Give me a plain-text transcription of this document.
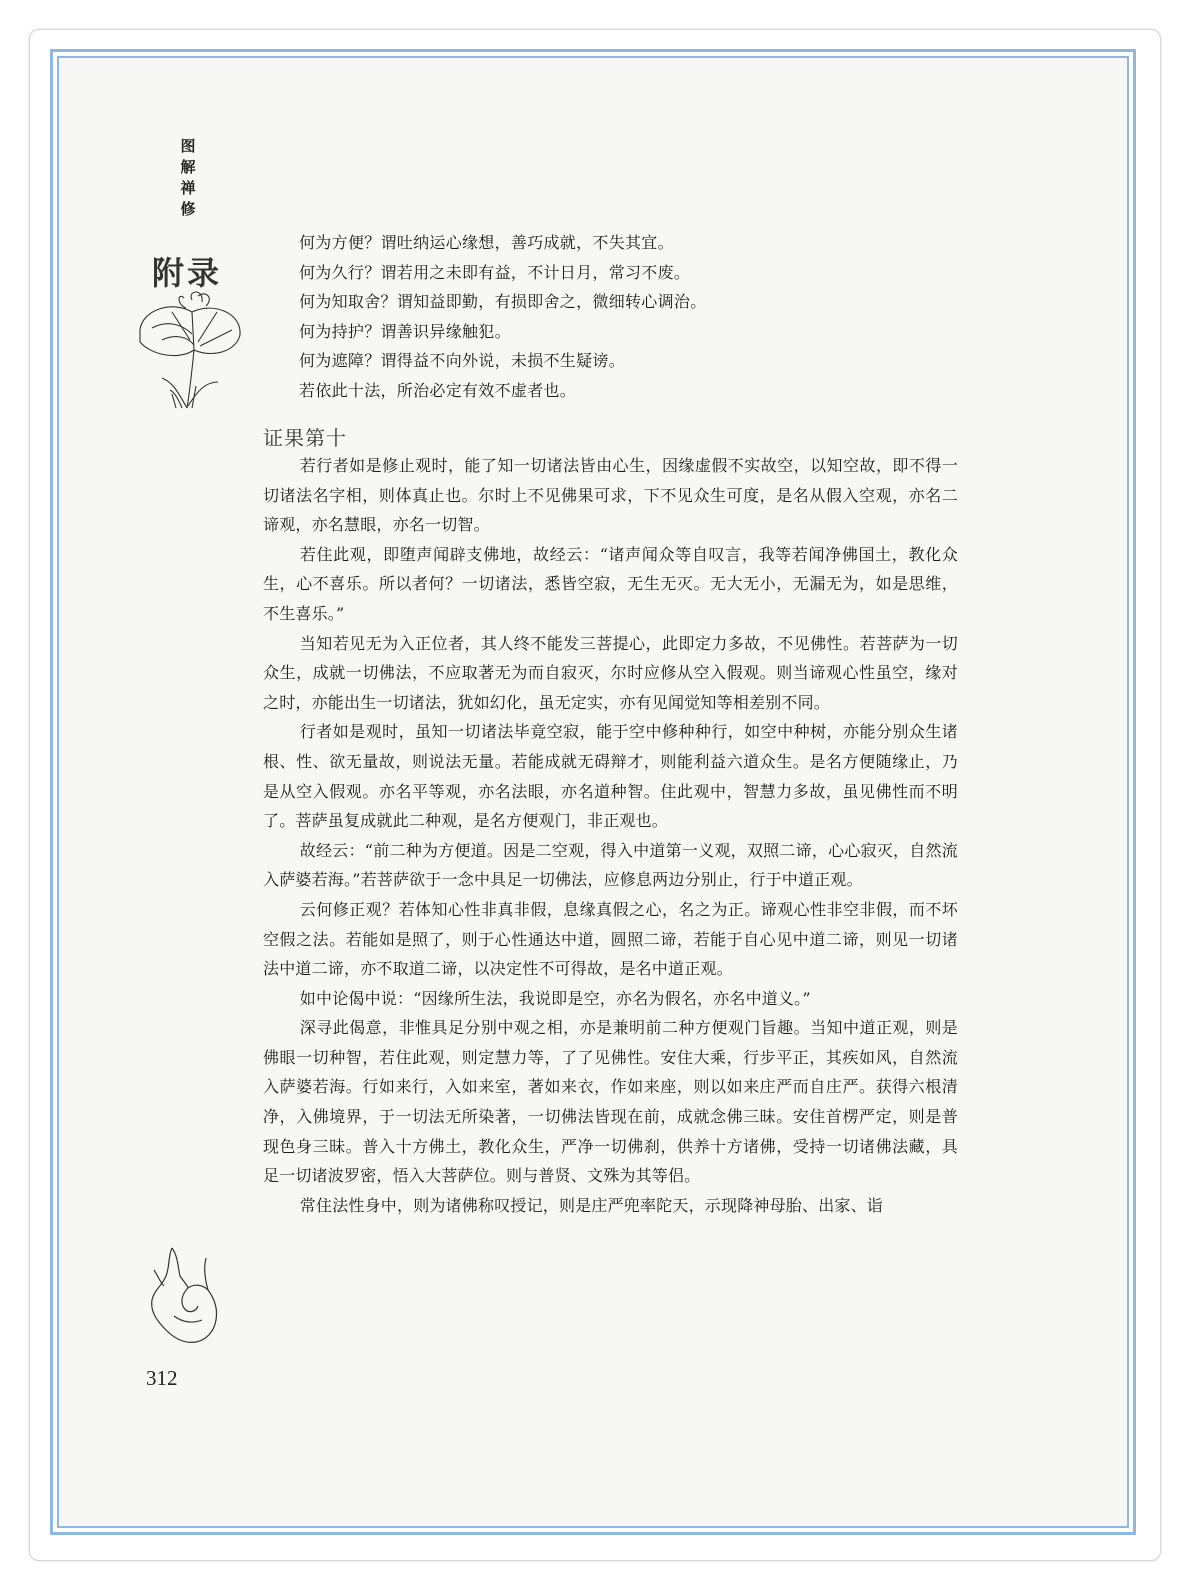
图
解
禅
修
附录
何为方便？谓吐纳运心缘想，善巧成就，不失其宜。
何为久行？谓若用之未即有益，不计日月，常习不废。
何为知取舍？谓知益即勤，有损即舍之，微细转心调治。
何为持护？谓善识异缘触犯。
何为遮障？谓得益不向外说，未损不生疑谤。
若依此十法，所治必定有效不虚者也。
证果第十

若行者如是修止观时，能了知一切诸法皆由心生，因缘虚假不实故空，以知空故，即不得一切诸法名字相，则体真止也。尔时上不见佛果可求，下不见众生可度，是名从假入空观，亦名二谛观，亦名慧眼，亦名一切智。

若住此观，即堕声闻辟支佛地，故经云：“诸声闻众等自叹言，我等若闻净佛国土，教化众生，心不喜乐。所以者何？一切诸法，悉皆空寂，无生无灭。无大无小，无漏无为，如是思维，不生喜乐。”

当知若见无为入正位者，其人终不能发三菩提心，此即定力多故，不见佛性。若菩萨为一切众生，成就一切佛法，不应取著无为而自寂灭，尔时应修从空入假观。则当谛观心性虽空，缘对之时，亦能出生一切诸法，犹如幻化，虽无定实，亦有见闻觉知等相差别不同。

行者如是观时，虽知一切诸法毕竟空寂，能于空中修种种行，如空中种树，亦能分别众生诸根、性、欲无量故，则说法无量。若能成就无碍辩才，则能利益六道众生。是名方便随缘止，乃是从空入假观。亦名平等观，亦名法眼，亦名道种智。住此观中，智慧力多故，虽见佛性而不明了。菩萨虽复成就此二种观，是名方便观门，非正观也。

故经云：“前二种为方便道。因是二空观，得入中道第一义观，双照二谛，心心寂灭，自然流入萨婆若海。”若菩萨欲于一念中具足一切佛法，应修息两边分别止，行于中道正观。

云何修正观？若体知心性非真非假，息缘真假之心，名之为正。谛观心性非空非假，而不坏空假之法。若能如是照了，则于心性通达中道，圆照二谛，若能于自心见中道二谛，则见一切诸法中道二谛，亦不取道二谛，以决定性不可得故，是名中道正观。

如中论偈中说：“因缘所生法，我说即是空，亦名为假名，亦名中道义。”

深寻此偈意，非惟具足分别中观之相，亦是兼明前二种方便观门旨趣。当知中道正观，则是佛眼一切种智，若住此观，则定慧力等，了了见佛性。安住大乘，行步平正，其疾如风，自然流入萨婆若海。行如来行，入如来室，著如来衣，作如来座，则以如来庄严而自庄严。获得六根清净，入佛境界，于一切法无所染著，一切佛法皆现在前，成就念佛三昧。安住首楞严定，则是普现色身三昧。普入十方佛土，教化众生，严净一切佛刹，供养十方诸佛，受持一切诸佛法藏，具足一切诸波罗密，悟入大菩萨位。则与普贤、文殊为其等侣。

常住法性身中，则为诸佛称叹授记，则是庄严兜率陀天，示现降神母胎、出家、诣

312
